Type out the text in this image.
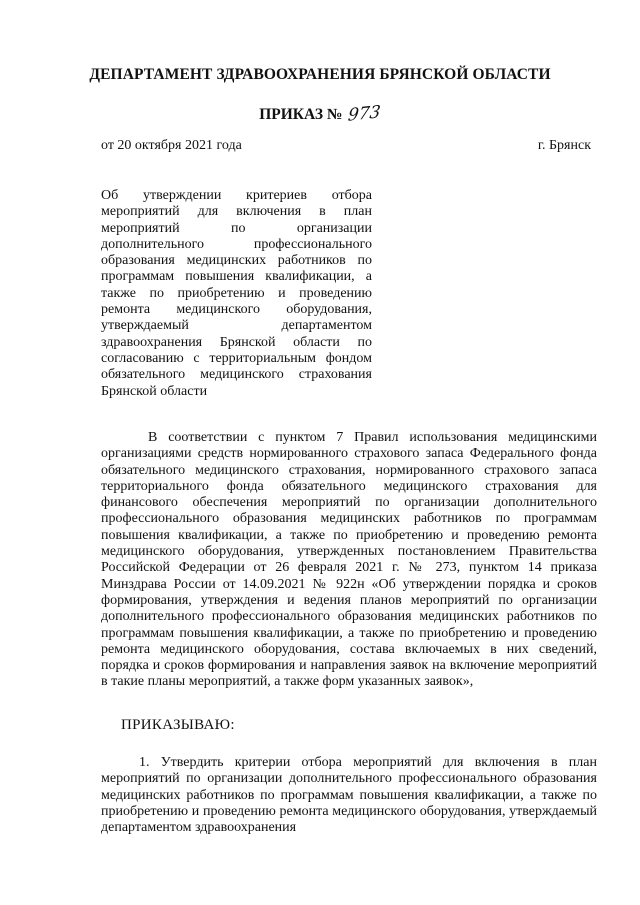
ДЕПАРТАМЕНТ ЗДРАВООХРАНЕНИЯ БРЯНСКОЙ ОБЛАСТИ
ПРИКАЗ № 973
от 20 октября 2021 года	г. Брянск
Об утверждении критериев отбора мероприятий для включения в план мероприятий по организации дополнительного профессионального образования медицинских работников по программам повышения квалификации, а также по приобретению и проведению ремонта медицинского оборудования, утверждаемый департаментом здравоохранения Брянской области по согласованию с территориальным фондом обязательного медицинского страхования Брянской области

В соответствии с пунктом 7 Правил использования медицинскими организациями средств нормированного страхового запаса Федерального фонда обязательного медицинского страхования, нормированного страхового запаса территориального фонда обязательного медицинского страхования для финансового обеспечения мероприятий по организации дополнительного профессионального образования медицинских работников по программам повышения квалификации, а также по приобретению и проведению ремонта медицинского оборудования, утвержденных постановлением Правительства Российской Федерации от 26 февраля 2021 г. № 273, пунктом 14 приказа Минздрава России от 14.09.2021 № 922н «Об утверждении порядка и сроков формирования, утверждения и ведения планов мероприятий по организации дополнительного профессионального образования медицинских работников по программам повышения квалификации, а также по приобретению и проведению ремонта медицинского оборудования, состава включаемых в них сведений, порядка и сроков формирования и направления заявок на включение мероприятий в такие планы мероприятий, а также форм указанных заявок»,

ПРИКАЗЫВАЮ:

1. Утвердить критерии отбора мероприятий для включения в план мероприятий по организации дополнительного профессионального образования медицинских работников по программам повышения квалификации, а также по приобретению и проведению ремонта медицинского оборудования, утверждаемый департаментом здравоохранения
